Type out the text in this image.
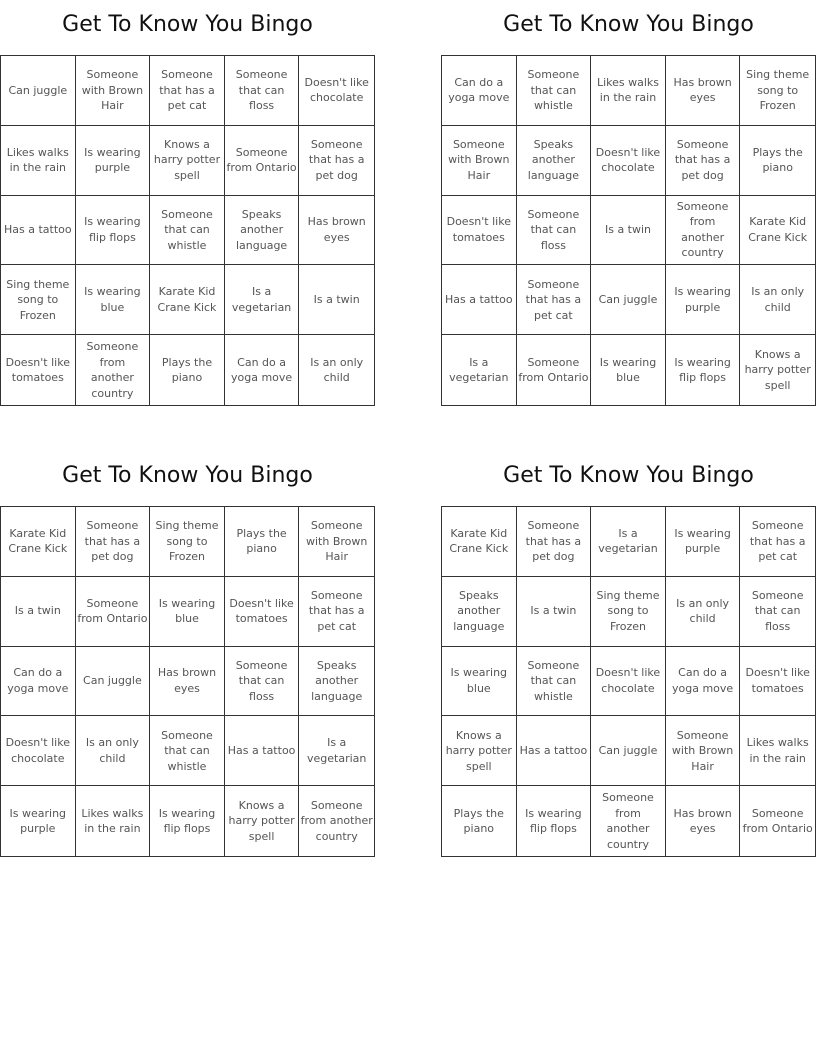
Get To Know You Bingo
Can juggle
Someone with Brown Hair
Someone that has a pet cat
Someone that can floss
Doesn't like chocolate
Likes walks in the rain
Is wearing purple
Knows a harry potter spell
Someone from Ontario
Someone that has a pet dog
Has a tattoo
Is wearing flip flops
Someone that can whistle
Speaks another language
Has brown eyes
Sing theme song to Frozen
Is wearing blue
Karate Kid Crane Kick
Is a vegetarian
Is a twin
Doesn't like tomatoes
Someone from another country
Plays the piano
Can do a yoga move
Is an only child
Get To Know You Bingo
Can do a yoga move
Someone that can whistle
Likes walks in the rain
Has brown eyes
Sing theme song to Frozen
Someone with Brown Hair
Speaks another language
Doesn't like chocolate
Someone that has a pet dog
Plays the piano
Doesn't like tomatoes
Someone that can floss
Is a twin
Someone from another country
Karate Kid Crane Kick
Has a tattoo
Someone that has a pet cat
Can juggle
Is wearing purple
Is an only child
Is a vegetarian
Someone from Ontario
Is wearing blue
Is wearing flip flops
Knows a harry potter spell
Get To Know You Bingo
Karate Kid Crane Kick
Someone that has a pet dog
Sing theme song to Frozen
Plays the piano
Someone with Brown Hair
Is a twin
Someone from Ontario
Is wearing blue
Doesn't like tomatoes
Someone that has a pet cat
Can do a yoga move
Can juggle
Has brown eyes
Someone that can floss
Speaks another language
Doesn't like chocolate
Is an only child
Someone that can whistle
Has a tattoo
Is a vegetarian
Is wearing purple
Likes walks in the rain
Is wearing flip flops
Knows a harry potter spell
Someone from another country
Get To Know You Bingo
Karate Kid Crane Kick
Someone that has a pet dog
Is a vegetarian
Is wearing purple
Someone that has a pet cat
Speaks another language
Is a twin
Sing theme song to Frozen
Is an only child
Someone that can floss
Is wearing blue
Someone that can whistle
Doesn't like chocolate
Can do a yoga move
Doesn't like tomatoes
Knows a harry potter spell
Has a tattoo	Can juggle
Someone with Brown Hair
Likes walks in the rain
Plays the piano
Is wearing flip flops
Someone from another country
Has brown eyes
Someone from Ontario
